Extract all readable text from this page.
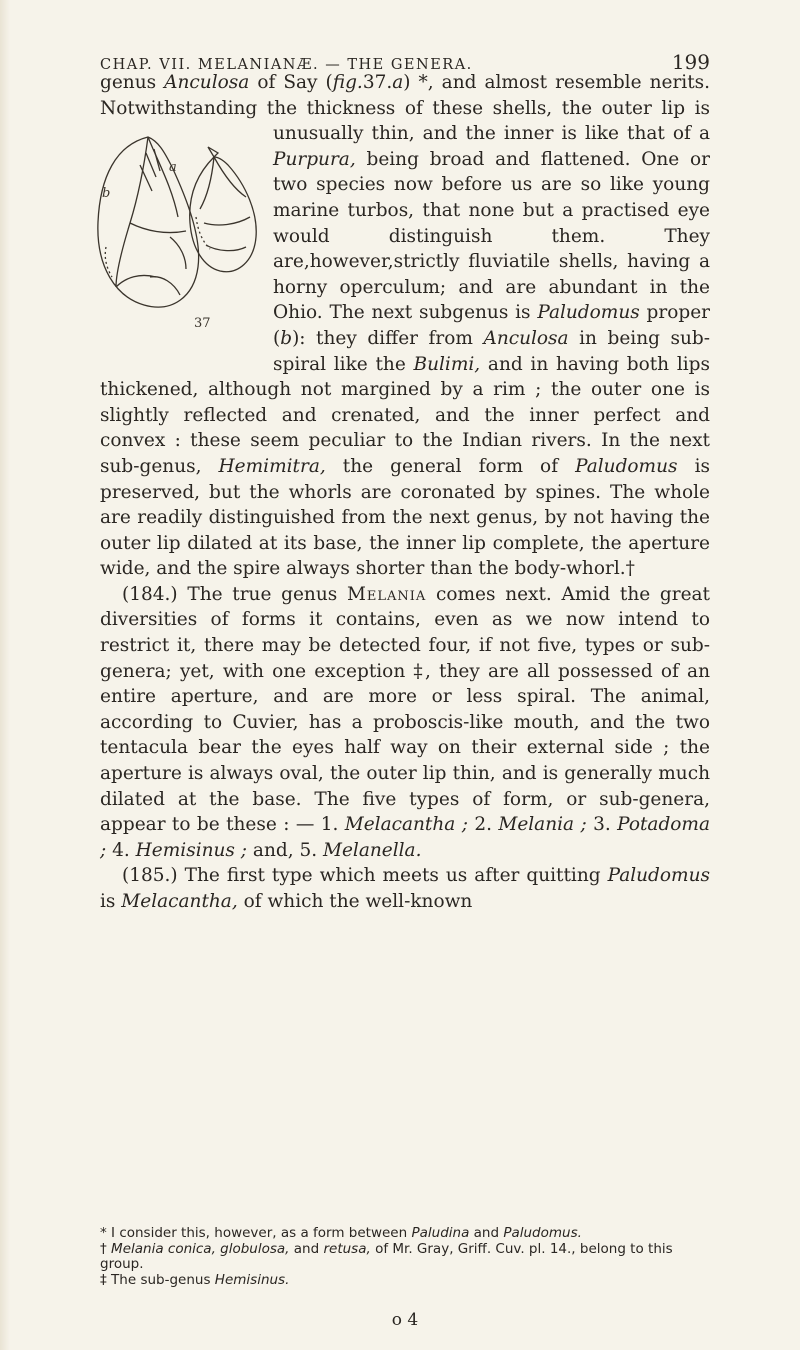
CHAP. VII. MELANIANÆ. — THE GENERA.	199

genus Anculosa of Say (fig.37.a) *, and almost resemble nerits. Notwithstanding the thickness of these shells, the outer lip is unusually thin, and the inner is like that of a
a
b
37
Purpura, being broad and flattened. One or two species now before us are so like young marine turbos, that none but a practised eye would distinguish them. They are,however,strictly fluviatile shells, having a horny operculum; and are abundant in the Ohio. The next subgenus is Paludomus proper (b): they differ from Anculosa in being sub-spiral like the Bulimi, and in having both lips thickened, although not margined by a rim ; the outer one is slightly reflected and crenated, and the inner perfect and convex : these seem peculiar to the Indian rivers. In the next sub-genus, Hemimitra, the general form of Paludomus is preserved, but the whorls are coronated by spines. The whole are readily distinguished from the next genus, by not having the outer lip dilated at its base, the inner lip complete, the aperture wide, and the spire always shorter than the body-whorl.†

(184.) The true genus Melania comes next. Amid the great diversities of forms it contains, even as we now intend to restrict it, there may be detected four, if not five, types or sub-genera; yet, with one exception ‡, they are all possessed of an entire aperture, and are more or less spiral. The animal, according to Cuvier, has a proboscis-like mouth, and the two tentacula bear the eyes half way on their external side ; the aperture is always oval, the outer lip thin, and is generally much dilated at the base. The five types of form, or sub-genera, appear to be these : — 1. Melacantha ; 2. Melania ; 3. Potadoma ; 4. Hemisinus ; and, 5. Melanella.

(185.) The first type which meets us after quitting Paludomus is Melacantha, of which the well-known

* I consider this, however, as a form between Paludina and Paludomus.

† Melania conica, globulosa, and retusa, of Mr. Gray, Griff. Cuv. pl. 14., belong to this group.

‡ The sub-genus Hemisinus.

o 4
